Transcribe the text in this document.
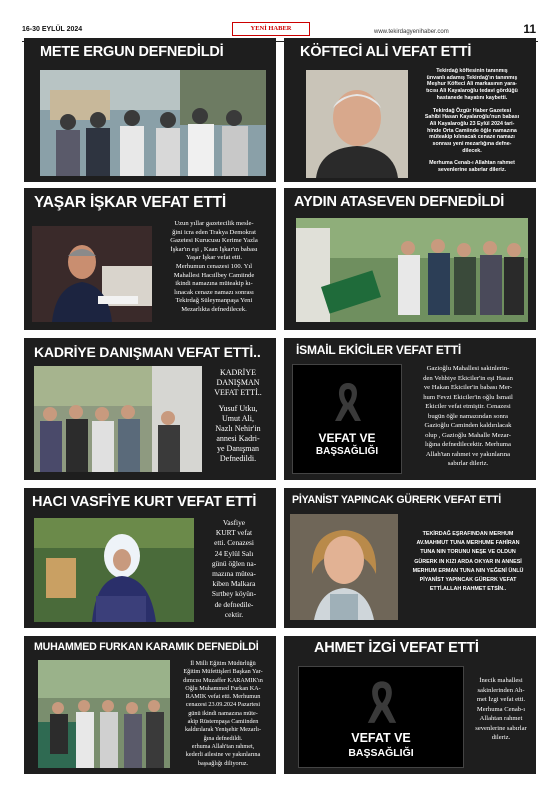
16-30 EYLÜL 2024	YENİ HABER	www.tekirdagyenihaber.com	11
METE ERGUN DEFNEDİLDİ	KÖFTECİ ALİ VEFAT ETTİ
Tekirdağ köftesinin tanınmış
ünvanlı adamış Tekirdağ'ın tanınmış
Meşhur Köfteci Ali markasının yara-
tıcısı Ali Kayalaroğlu tedavi gördüğü
hastanede hayatını kaybetti.
Tekirdağ Özgür Haber Gazetesi
Sahibi Hasan Kayalaroğlu'nun babası
Ali Kayalaroğlu 23 Eylül 2024 tari-
hinde Orta Camiinde öğle namazına
müteakip kılınacak cenaze namazı
sonrası yeni mezarlığına defne-
dilecek.
Merhuma Cenab-ı Allahtan rahmet
sevenlerine sabırlar dileriz.
YAŞAR İŞKAR VEFAT ETTİ
Uzun yıllar gazetecilik mesle-
ğini icra eden Trakya Demokrat
Gazetesi Kurucusu Kerime Yazla
İşkar'ın eşi , Kaan İşkar'ın babası
Yaşar İşkar vefat etti.
Merhumun cenazesi 100. Yıl
Mahallesi Hacıilbey Camiinde
ikindi namazına müteakip kı-
lınacak cenaze namazı sonrası
Tekirdağ Süleymanpaşa Yeni
Mezarlıkta defnedilecek.
AYDIN ATASEVEN DEFNEDİLDİ
KADRİYE DANIŞMAN VEFAT ETTİ..
KADRİYE
DANIŞMAN
VEFAT ETTİ..
Yusuf Utku,
Umut Ali,
Nazlı Nehir'in
annesi Kadri-
ye Danışman
Defnedildi.
İSMAİL EKİCİLER VEFAT ETTİ
VEFAT VE
BAŞSAĞLIĞI
Gazioğlu Mahallesi sakinlerin-
den Vehbiye Ekiciler'in eşi Hasan
ve Hakan Ekiciler'in babası Mer-
hum Fevzi Ekiciler'in oğlu İsmail
Ekiciler vefat etmiştir. Cenazesi
bugün öğle namazından sonra
Gazioğlu Caminden kaldırılacak
olup , Gazioğlu Mahalle Mezar-
lığına defnedilecektir. Merhuma
Allah'tan rahmet ve yakınlarına
sabırlar dileriz.
HACI VASFİYE KURT VEFAT ETTİ
Vasfiye
KURT vefat
etti. Cenazesi
24 Eylül Salı
günü öğlen na-
mazına müteа-
kiben Malkara
Sırtbey köyün-
de defnedile-
cektir.
PİYANİST YAPINCAK GÜRERK VEFAT ETTİ
TEKİRDAĞ EŞRAFINDAN MERHUM
AV.MAHMUT TUNA MERHUME FAHİRAN
TUNA NIN TORUNU NEŞE VE OLDUN
GÜRERK IN KIZI ARDA OKYAR IN ANNESİ
MERHUM ERMAN TUNA NIN YEĞENİ ÜNLÜ
PİYANİST YAPINCAK GÜRERK VEFAT
ETTİ.ALLAH RAHMET ETSİN..
MUHAMMED FURKAN KARAMIK DEFNEDİLDİ
İl Milli Eğitim Müdürlüğü
Eğitim Müfettişleri Başkan Yar-
dımcısı Muzaffer KARAMIK'ın
Oğlu Muhammed Furkan KA-
RAMIK vefat etti. Merhumun
cenazesi 23.09.2024 Pazartesi
günü ikindi namazına müte-
akip Rüstempaşa Camiinden
kaldırılarak Yenişehir Mezarlı-
ğına defnedildi.
erhuma Allah'tan rahmet,
kederli ailesine ve yakınlarına
başsağlığı diliyoruz.
AHMET İZGİ VEFAT ETTİ
VEFAT VE
BAŞSAĞLIĞI
İnecik mahallesi
sakinlerinden Ah-
met İzgi vefat etti.
Merhuma Cenab-ı
Allahtan rahmet
sevenlerine sabırlar
dileriz.
